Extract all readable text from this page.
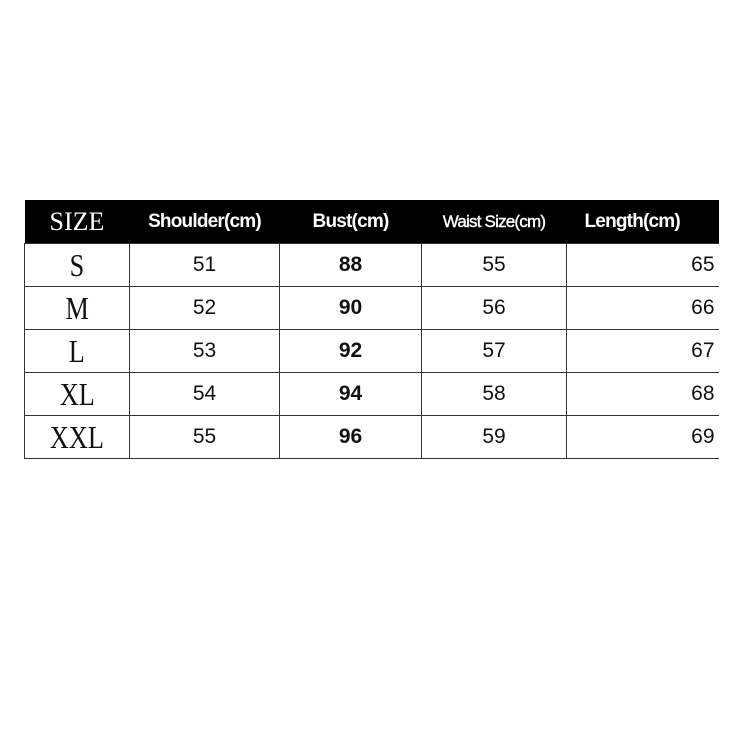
SIZE	Shoulder(cm)	Bust(cm)	Waist Size(cm)	Length(cm)
S	51	88	55	65
M	52	90	56	66
L	53	92	57	67
XL	54	94	58	68
XXL	55	96	59	69
